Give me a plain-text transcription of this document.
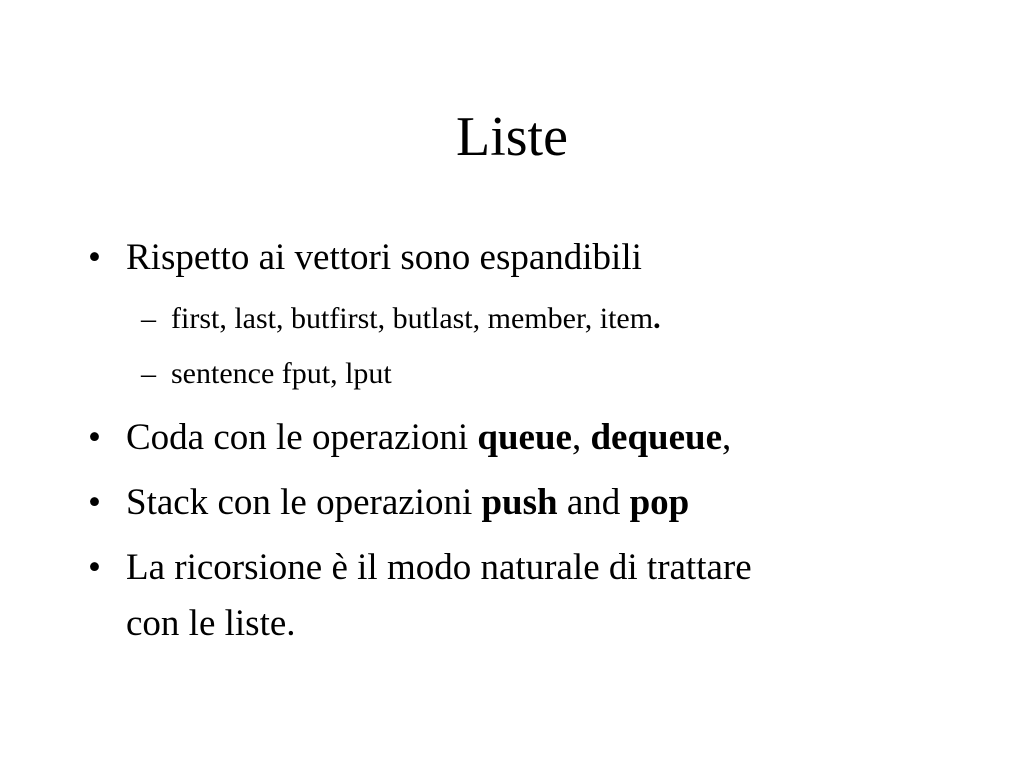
Liste
• Rispetto ai vettori sono espandibili
– first, last, butfirst, butlast, member, item.
– sentence fput, lput
• Coda con le operazioni queue, dequeue,
• Stack con le operazioni push and pop
• La ricorsione è il modo naturale di trattare
con le liste.
